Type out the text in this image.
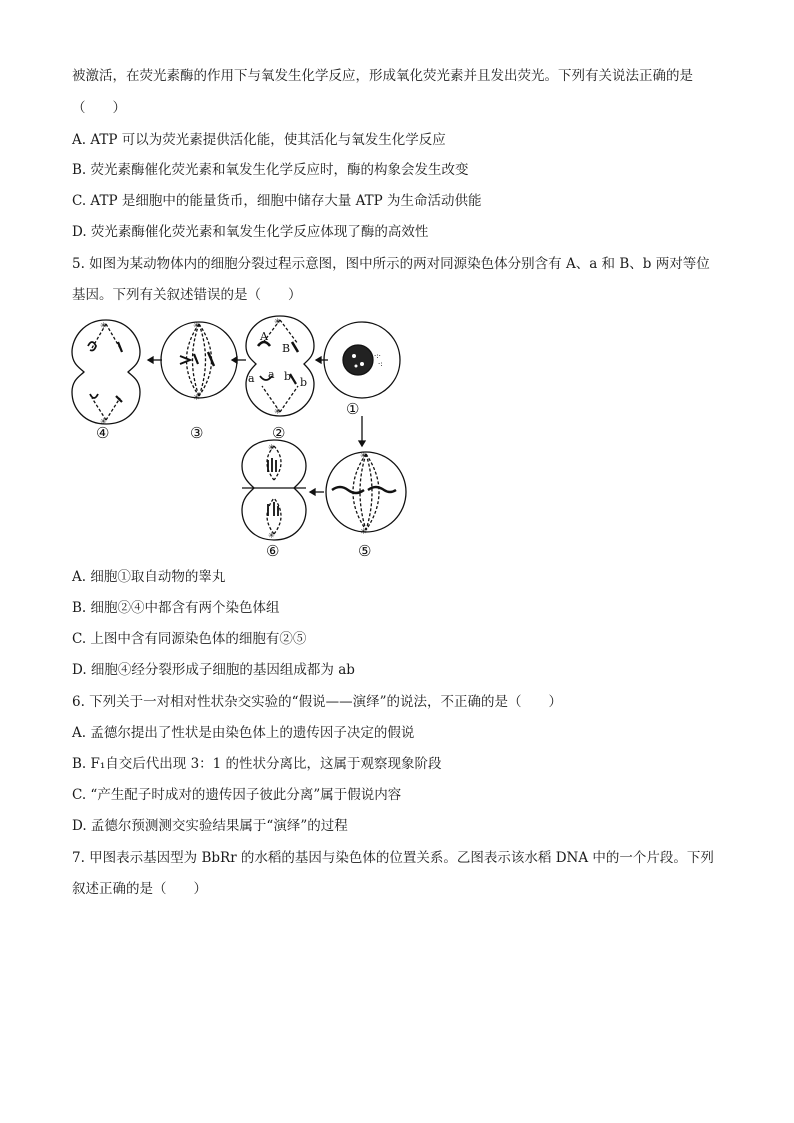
被激活，在荧光素酶的作用下与氧发生化学反应，形成氧化荧光素并且发出荧光。下列有关说法正确的是
（　　）
A. ATP 可以为荧光素提供活化能，使其活化与氧发生化学反应
B. 荧光素酶催化荧光素和氧发生化学反应时，酶的构象会发生改变
C. ATP 是细胞中的能量货币，细胞中储存大量 ATP 为生命活动供能
D. 荧光素酶催化荧光素和氧发生化学反应体现了酶的高效性
5. 如图为某动物体内的细胞分裂过程示意图，图中所示的两对同源染色体分别含有 A、a 和 B、b 两对等位
基因。下列有关叙述错误的是（　　）
✳
✳
✳
✳
A
a
B
b
a b
✳
✳
·:·
·:
✳
✳
✳
✳
④	③	②
①
⑥	⑤
A. 细胞①取自动物的睾丸
B. 细胞②④中都含有两个染色体组
C. 上图中含有同源染色体的细胞有②⑤
D. 细胞④经分裂形成子细胞的基因组成都为 ab
6. 下列关于一对相对性状杂交实验的“假说——演绎”的说法，不正确的是（　　）
A. 孟德尔提出了性状是由染色体上的遗传因子决定的假说
B. F₁自交后代出现 3：1 的性状分离比，这属于观察现象阶段
C. “产生配子时成对的遗传因子彼此分离”属于假说内容
D. 孟德尔预测测交实验结果属于“演绎”的过程
7. 甲图表示基因型为 BbRr 的水稻的基因与染色体的位置关系。乙图表示该水稻 DNA 中的一个片段。下列
叙述正确的是（　　）
